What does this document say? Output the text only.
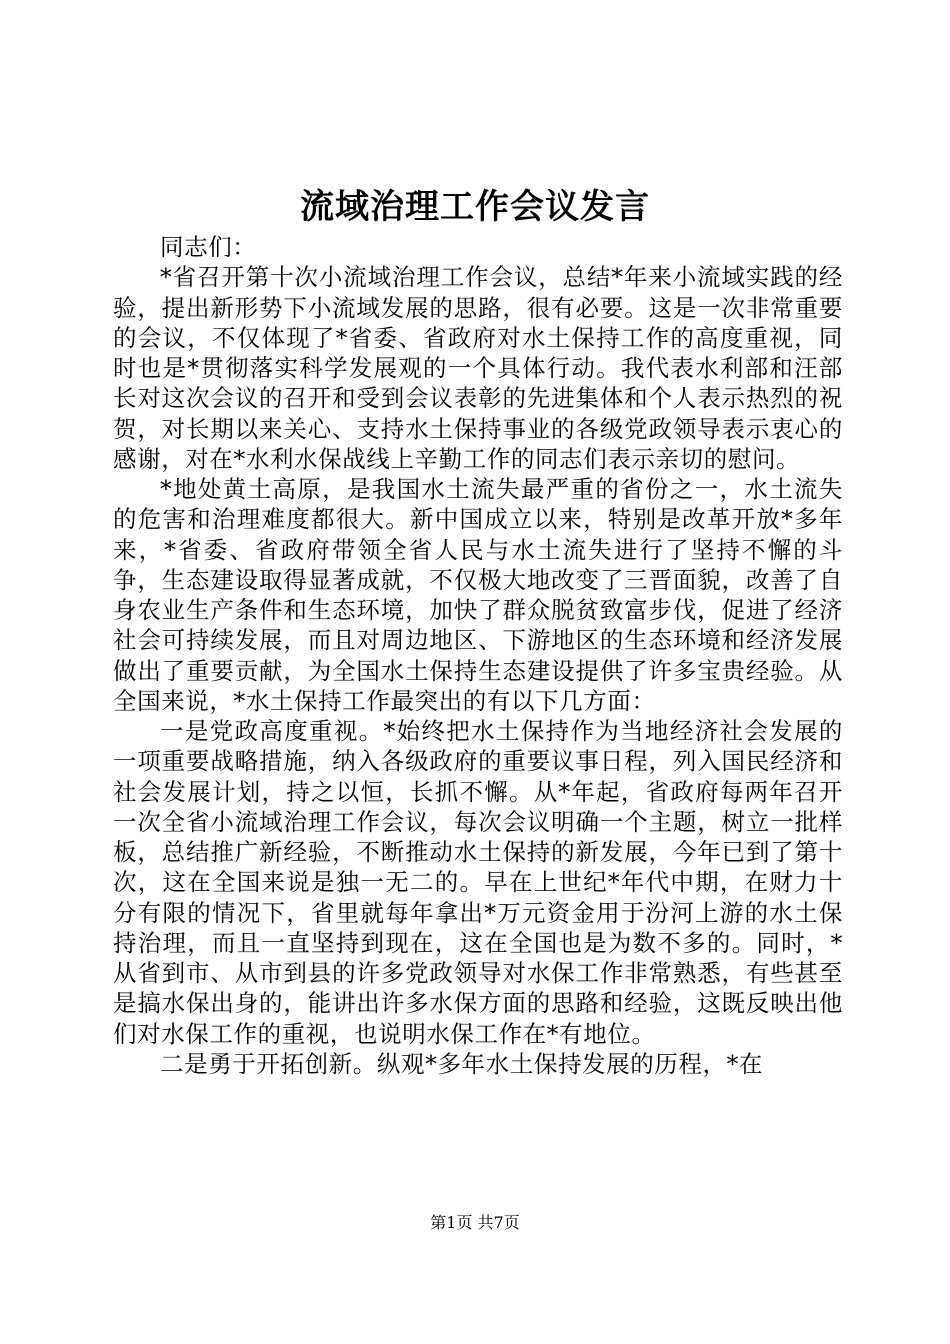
流域治理工作会议发言

同志们：

*省召开第十次小流域治理工作会议，总结*年来小流域实践的经验，提出新形势下小流域发展的思路，很有必要。这是一次非常重要的会议，不仅体现了*省委、省政府对水土保持工作的高度重视，同时也是*贯彻落实科学发展观的一个具体行动。我代表水利部和汪部长对这次会议的召开和受到会议表彰的先进集体和个人表示热烈的祝贺，对长期以来关心、支持水土保持事业的各级党政领导表示衷心的感谢，对在*水利水保战线上辛勤工作的同志们表示亲切的慰问。

*地处黄土高原，是我国水土流失最严重的省份之一，水土流失的危害和治理难度都很大。新中国成立以来，特别是改革开放*多年来，*省委、省政府带领全省人民与水土流失进行了坚持不懈的斗争，生态建设取得显著成就，不仅极大地改变了三晋面貌，改善了自身农业生产条件和生态环境，加快了群众脱贫致富步伐，促进了经济社会可持续发展，而且对周边地区、下游地区的生态环境和经济发展做出了重要贡献，为全国水土保持生态建设提供了许多宝贵经验。从全国来说，*水土保持工作最突出的有以下几方面：

一是党政高度重视。*始终把水土保持作为当地经济社会发展的一项重要战略措施，纳入各级政府的重要议事日程，列入国民经济和社会发展计划，持之以恒，长抓不懈。从*年起，省政府每两年召开一次全省小流域治理工作会议，每次会议明确一个主题，树立一批样板，总结推广新经验，不断推动水土保持的新发展，今年已到了第十次，这在全国来说是独一无二的。早在上世纪*年代中期，在财力十分有限的情况下，省里就每年拿出*万元资金用于汾河上游的水土保持治理，而且一直坚持到现在，这在全国也是为数不多的。同时，*从省到市、从市到县的许多党政领导对水保工作非常熟悉，有些甚至是搞水保出身的，能讲出许多水保方面的思路和经验，这既反映出他们对水保工作的重视，也说明水保工作在*有地位。

二是勇于开拓创新。纵观*多年水土保持发展的历程，*在

第1页 共7页
